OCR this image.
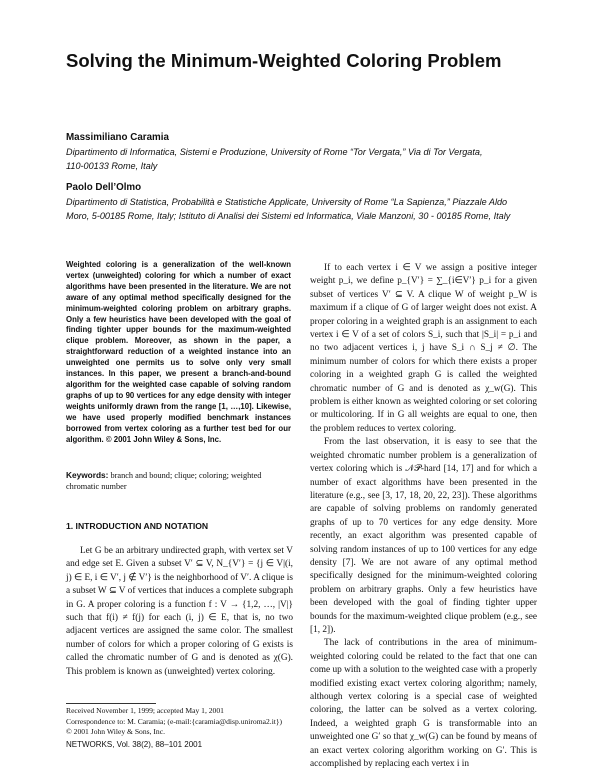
Solving the Minimum-Weighted Coloring Problem
Massimiliano Caramia
Dipartimento di Informatica, Sistemi e Produzione, University of Rome “Tor Vergata,” Via di Tor Vergata,
110-00133 Rome, Italy
Paolo Dell’Olmo
Dipartimento di Statistica, Probabilità e Statistiche Applicate, University of Rome “La Sapienza,” Piazzale Aldo
Moro, 5-00185 Rome, Italy; Istituto di Analisi dei Sistemi ed Informatica, Viale Manzoni, 30 - 00185 Rome, Italy
Weighted coloring is a generalization of the well-known vertex (unweighted) coloring for which a number of exact algorithms have been presented in the literature. We are not aware of any optimal method specifically designed for the minimum-weighted coloring problem on arbitrary graphs. Only a few heuristics have been developed with the goal of finding tighter upper bounds for the maximum-weighted clique problem. Moreover, as shown in the paper, a straightforward reduction of a weighted instance into an unweighted one permits us to solve only very small instances. In this paper, we present a branch-and-bound algorithm for the weighted case capable of solving random graphs of up to 90 vertices for any edge density with integer weights uniformly drawn from the range [1, …,10]. Likewise, we have used properly modified benchmark instances borrowed from vertex coloring as a further test bed for our algorithm. © 2001 John Wiley & Sons, Inc.
Keywords: branch and bound; clique; coloring; weighted chromatic number
1. INTRODUCTION AND NOTATION

Let G be an arbitrary undirected graph, with vertex set V and edge set E. Given a subset V′ ⊆ V, N_{V′} = {j ∈ V|(i, j) ∈ E, i ∈ V′, j ∉ V′} is the neighborhood of V′. A clique is a subset W ⊆ V of vertices that induces a complete subgraph in G. A proper coloring is a function f : V → {1,2, …, |V|} such that f(i) ≠ f(j) for each (i, j) ∈ E, that is, no two adjacent vertices are assigned the same color. The smallest number of colors for which a proper coloring of G exists is called the chromatic number of G and is denoted as χ(G). This problem is known as (unweighted) vertex coloring.

If to each vertex i ∈ V we assign a positive integer weight p_i, we define p_{V′} = ∑_{i∈V′} p_i for a given subset of vertices V′ ⊆ V. A clique W of weight p_W is maximum if a clique of G of larger weight does not exist. A proper coloring in a weighted graph is an assignment to each vertex i ∈ V of a set of colors S_i, such that |S_i| = p_i and no two adjacent vertices i, j have S_i ∩ S_j ≠ ∅. The minimum number of colors for which there exists a proper coloring in a weighted graph G is called the weighted chromatic number of G and is denoted as χ_w(G). This problem is either known as weighted coloring or set coloring or multicoloring. If in G all weights are equal to one, then the problem reduces to vertex coloring.

From the last observation, it is easy to see that the weighted chromatic number problem is a generalization of vertex coloring which is 𝒩𝒫-hard [14, 17] and for which a number of exact algorithms have been presented in the literature (e.g., see [3, 17, 18, 20, 22, 23]). These algorithms are capable of solving problems on randomly generated graphs of up to 70 vertices for any edge density. More recently, an exact algorithm was presented capable of solving random instances of up to 100 vertices for any edge density [7]. We are not aware of any optimal method specifically designed for the minimum-weighted coloring problem on arbitrary graphs. Only a few heuristics have been developed with the goal of finding tighter upper bounds for the maximum-weighted clique problem (e.g., see [1, 2]).

The lack of contributions in the area of minimum-weighted coloring could be related to the fact that one can come up with a solution to the weighted case with a properly modified existing exact vertex coloring algorithm; namely, although vertex coloring is a special case of weighted coloring, the latter can be solved as a vertex coloring. Indeed, a weighted graph G is transformable into an unweighted one G′ so that χ_w(G) can be found by means of an exact vertex coloring algorithm working on G′. This is accomplished by replacing each vertex i in

Received November 1, 1999; accepted May 1, 2001
Correspondence to: M. Caramia; (e-mail:{caramia@disp.uniroma2.it})
© 2001 John Wiley & Sons, Inc.
NETWORKS, Vol. 38(2), 88–101 2001
